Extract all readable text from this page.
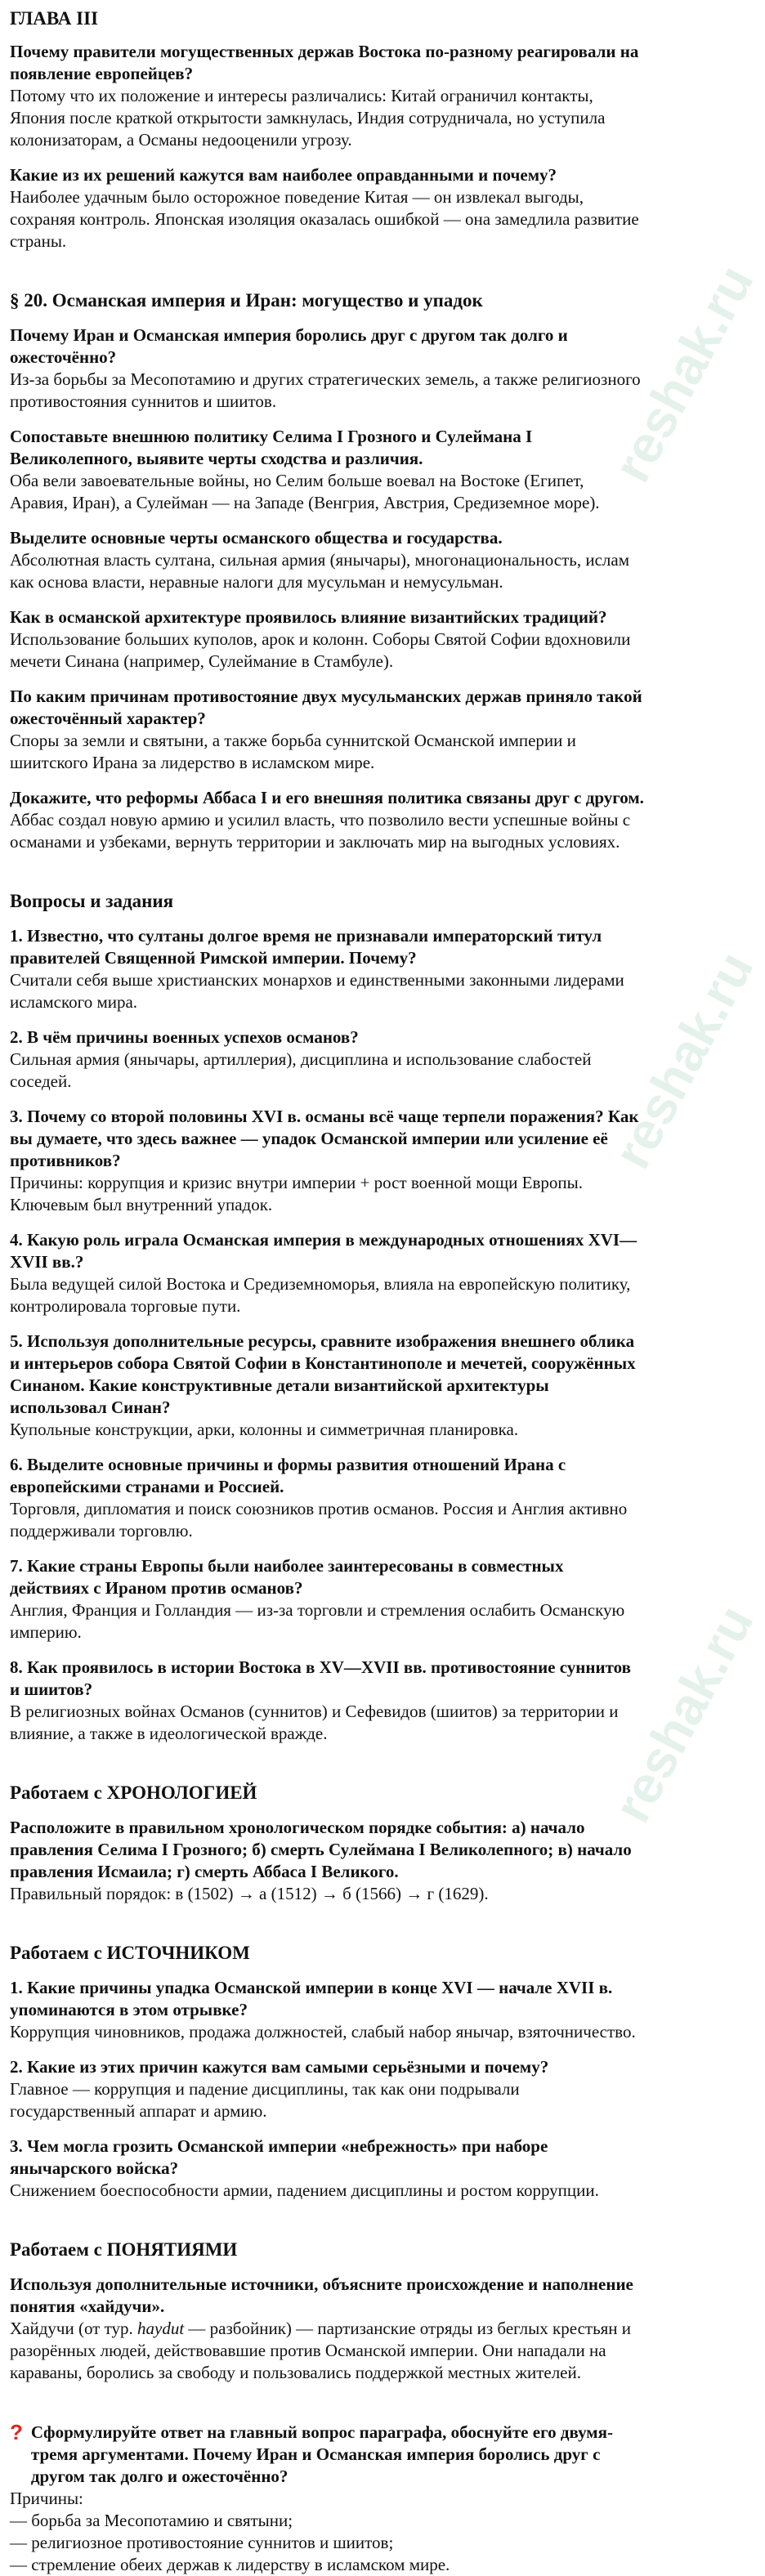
reshak.ru
reshak.ru
reshak.ru
ГЛАВА III

Почему правители могущественных держав Востока по-разному реагировали на появление европейцев?

Потому что их положение и интересы различались: Китай ограничил контакты, Япония после краткой открытости замкнулась, Индия сотрудничала, но уступила колонизаторам, а Османы недооценили угрозу.

Какие из их решений кажутся вам наиболее оправданными и почему?

Наиболее удачным было осторожное поведение Китая — он извлекал выгоды, сохраняя контроль. Японская изоляция оказалась ошибкой — она замедлила развитие страны.

§ 20. Османская империя и Иран: могущество и упадок

Почему Иран и Османская империя боролись друг с другом так долго и ожесточённо?

Из-за борьбы за Месопотамию и других стратегических земель, а также религиозного противостояния суннитов и шиитов.

Сопоставьте внешнюю политику Селима I Грозного и Сулеймана I Великолепного, выявите черты сходства и различия.

Оба вели завоевательные войны, но Селим больше воевал на Востоке (Египет, Аравия, Иран), а Сулейман — на Западе (Венгрия, Австрия, Средиземное море).

Выделите основные черты османского общества и государства.

Абсолютная власть султана, сильная армия (янычары), многонациональность, ислам как основа власти, неравные налоги для мусульман и немусульман.

Как в османской архитектуре проявилось влияние византийских традиций?

Использование больших куполов, арок и колонн. Соборы Святой Софии вдохновили мечети Синана (например, Сулеймание в Стамбуле).

По каким причинам противостояние двух мусульманских держав приняло такой ожесточённый характер?

Споры за земли и святыни, а также борьба суннитской Османской империи и шиитского Ирана за лидерство в исламском мире.

Докажите, что реформы Аббаса I и его внешняя политика связаны друг с другом.

Аббас создал новую армию и усилил власть, что позволило вести успешные войны с османами и узбеками, вернуть территории и заключать мир на выгодных условиях.

Вопросы и задания

1. Известно, что султаны долгое время не признавали императорский титул правителей Священной Римской империи. Почему?

Считали себя выше христианских монархов и единственными законными лидерами исламского мира.

2. В чём причины военных успехов османов?

Сильная армия (янычары, артиллерия), дисциплина и использование слабостей соседей.

3. Почему со второй половины XVI в. османы всё чаще терпели поражения? Как вы думаете, что здесь важнее — упадок Османской империи или усиление её противников?

Причины: коррупция и кризис внутри империи + рост военной мощи Европы. Ключевым был внутренний упадок.

4. Какую роль играла Османская империя в международных отношениях XVI—XVII вв.?

Была ведущей силой Востока и Средиземноморья, влияла на европейскую политику, контролировала торговые пути.

5. Используя дополнительные ресурсы, сравните изображения внешнего облика и интерьеров собора Святой Софии в Константинополе и мечетей, сооружённых Синаном. Какие конструктивные детали византийской архитектуры использовал Синан?

Купольные конструкции, арки, колонны и симметричная планировка.

6. Выделите основные причины и формы развития отношений Ирана с европейскими странами и Россией.

Торговля, дипломатия и поиск союзников против османов. Россия и Англия активно поддерживали торговлю.

7. Какие страны Европы были наиболее заинтересованы в совместных действиях с Ираном против османов?

Англия, Франция и Голландия — из-за торговли и стремления ослабить Османскую империю.

8. Как проявилось в истории Востока в XV—XVII вв. противостояние суннитов и шиитов?

В религиозных войнах Османов (суннитов) и Сефевидов (шиитов) за территории и влияние, а также в идеологической вражде.

Работаем с ХРОНОЛОГИЕЙ

Расположите в правильном хронологическом порядке события: а) начало правления Селима I Грозного; б) смерть Сулеймана I Великолепного; в) начало правления Исмаила; г) смерть Аббаса I Великого.

Правильный порядок: в (1502) → а (1512) → б (1566) → г (1629).

Работаем с ИСТОЧНИКОМ

1. Какие причины упадка Османской империи в конце XVI — начале XVII в. упоминаются в этом отрывке?

Коррупция чиновников, продажа должностей, слабый набор янычар, взяточничество.

2. Какие из этих причин кажутся вам самыми серьёзными и почему?

Главное — коррупция и падение дисциплины, так как они подрывали государственный аппарат и армию.

3. Чем могла грозить Османской империи «небрежность» при наборе янычарского войска?

Снижением боеспособности армии, падением дисциплины и ростом коррупции.

Работаем с ПОНЯТИЯМИ

Используя дополнительные источники, объясните происхождение и наполнение понятия «хайдучи».

Хайдучи (от тур. haydut — разбойник) — партизанские отряды из беглых крестьян и разорённых людей, действовавшие против Османской империи. Они нападали на караваны, боролись за свободу и пользовались поддержкой местных жителей.

? Сформулируйте ответ на главный вопрос параграфа, обоснуйте его двумя-тремя аргументами. Почему Иран и Османская империя боролись друг с другом так долго и ожесточённо?

Причины:
— борьба за Месопотамию и святыни;
— религиозное противостояние суннитов и шиитов;
— стремление обеих держав к лидерству в исламском мире.
